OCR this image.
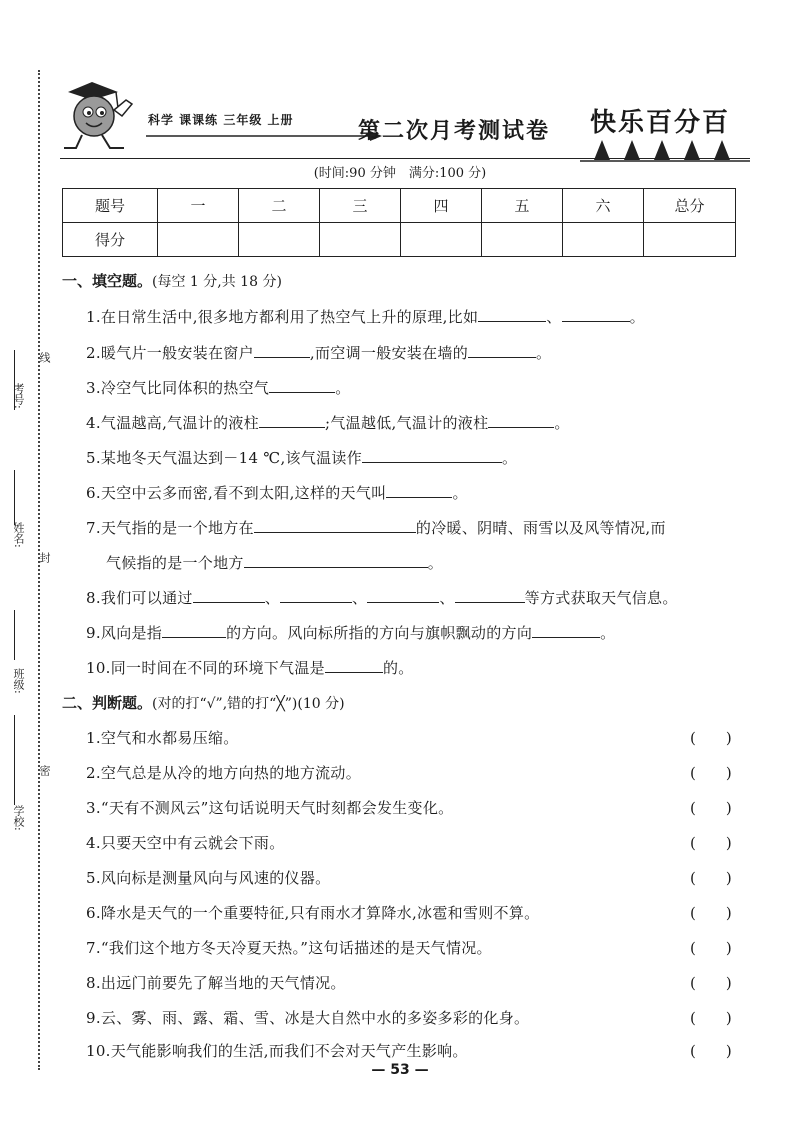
考号:
线
姓名:
封
班级:
学校:
密
科学 课课练 三年级 上册	第二次月考测试卷 快乐百分百
(时间:90 分钟　满分:100 分)
题号	一	二	三	四	五	六	总分
得分							
一、填空题。(每空 1 分,共 18 分)
1.在日常生活中,很多地方都利用了热空气上升的原理,比如	、	。
2.暖气片一般安装在窗户	,而空调一般安装在墙的	。
3.冷空气比同体积的热空气	。
4.气温越高,气温计的液柱	;气温越低,气温计的液柱	。
5.某地冬天气温达到－14 ℃,该气温读作	。
6.天空中云多而密,看不到太阳,这样的天气叫	。
7.天气指的是一个地方在	的冷暖、阴晴、雨雪以及风等情况,而
气候指的是一个地方	。
8.我们可以通过	、	、	、	等方式获取天气信息。
9.风向是指	的方向。风向标所指的方向与旗帜飘动的方向	。
10.同一时间在不同的环境下气温是	的。
二、判断题。(对的打“√”,错的打“╳”)(10 分)
1.空气和水都易压缩。	(　　)
2.空气总是从冷的地方向热的地方流动。	(　　)
3.“天有不测风云”这句话说明天气时刻都会发生变化。	(　　)
4.只要天空中有云就会下雨。	(　　)
5.风向标是测量风向与风速的仪器。	(　　)
6.降水是天气的一个重要特征,只有雨水才算降水,冰雹和雪则不算。	(　　)
7.“我们这个地方冬天冷夏天热。”这句话描述的是天气情况。	(　　)
8.出远门前要先了解当地的天气情况。	(　　)
9.云、雾、雨、露、霜、雪、冰是大自然中水的多姿多彩的化身。	(　　)
10.天气能影响我们的生活,而我们不会对天气产生影响。	(　　)
— 53 —
